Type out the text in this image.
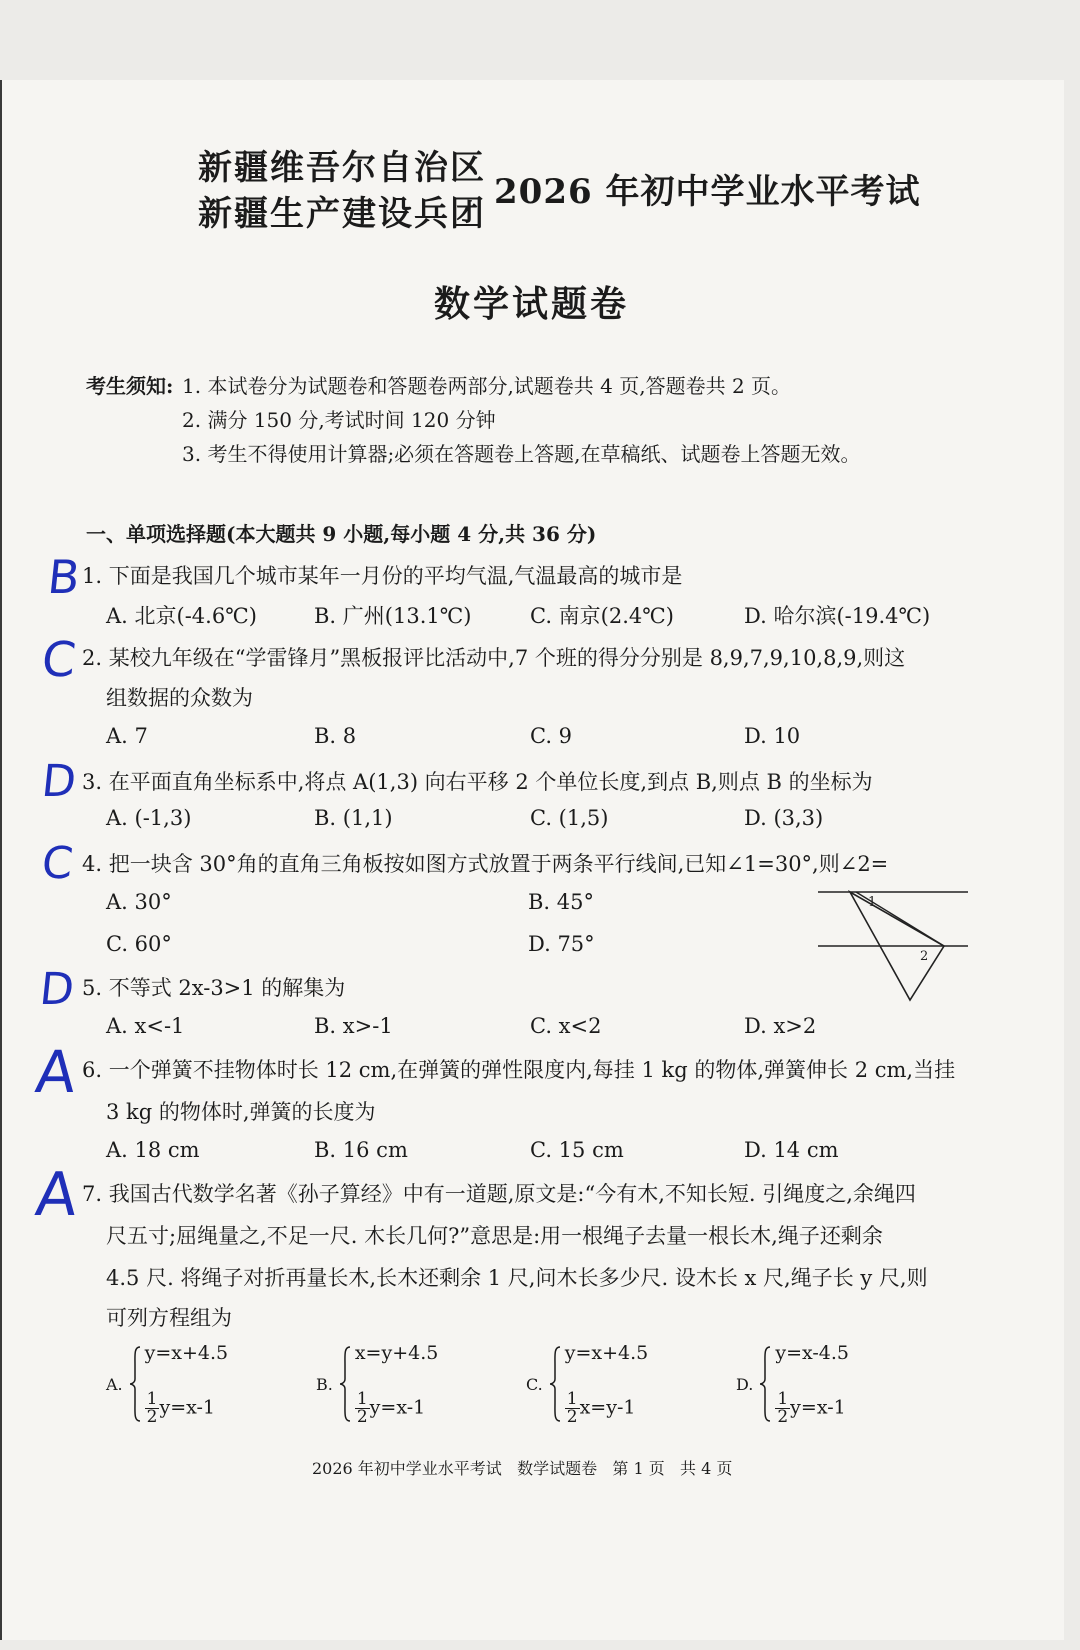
新疆维吾尔自治区
新疆生产建设兵团
2026 年初中学业水平考试
数学试题卷
考生须知: 1. 本试卷分为试题卷和答题卷两部分,试题卷共 4 页,答题卷共 2 页。
2. 满分 150 分,考试时间 120 分钟
3. 考生不得使用计算器;必须在答题卷上答题,在草稿纸、试题卷上答题无效。
一、单项选择题(本大题共 9 小题,每小题 4 分,共 36 分)
B 1. 下面是我国几个城市某年一月份的平均气温,气温最高的城市是
A. 北京(-4.6℃)	B. 广州(13.1℃)	C. 南京(2.4℃)	D. 哈尔滨(-19.4℃)
C 2. 某校九年级在“学雷锋月”黑板报评比活动中,7 个班的得分分别是 8,9,7,9,10,8,9,则这
组数据的众数为
A. 7	B. 8	C. 9	D. 10
D 3. 在平面直角坐标系中,将点 A(1,3) 向右平移 2 个单位长度,到点 B,则点 B 的坐标为
A. (-1,3)	B. (1,1)	C. (1,5)	D. (3,3)
C 4. 把一块含 30°角的直角三角板按如图方式放置于两条平行线间,已知∠1=30°,则∠2=
A. 30°	B. 45°
C. 60°	D. 75°
1
2
D 5. 不等式 2x-3>1 的解集为
A. x<-1	B. x>-1	C. x<2	D. x>2
A 6. 一个弹簧不挂物体时长 12 cm,在弹簧的弹性限度内,每挂 1 kg 的物体,弹簧伸长 2 cm,当挂
3 kg 的物体时,弹簧的长度为
A. 18 cm	B. 16 cm	C. 15 cm	D. 14 cm
A 7. 我国古代数学名著《孙子算经》中有一道题,原文是:“今有木,不知长短. 引绳度之,余绳四
尺五寸;屈绳量之,不足一尺. 木长几何?”意思是:用一根绳子去量一根长木,绳子还剩余
4.5 尺. 将绳子对折再量长木,长木还剩余 1 尺,问木长多少尺. 设木长 x 尺,绳子长 y 尺,则
可列方程组为
A.
y=x+4.5
$\frac{1}{2} y=x-1$
B.
x=y+4.5
$\frac{1}{2} y=x-1$
C.
y=x+4.5
$\frac{1}{2} x=y-1$
D.
y=x-4.5
$\frac{1}{2} y=x-1$
2026 年初中学业水平考试 数学试题卷 第 1 页 共 4 页
